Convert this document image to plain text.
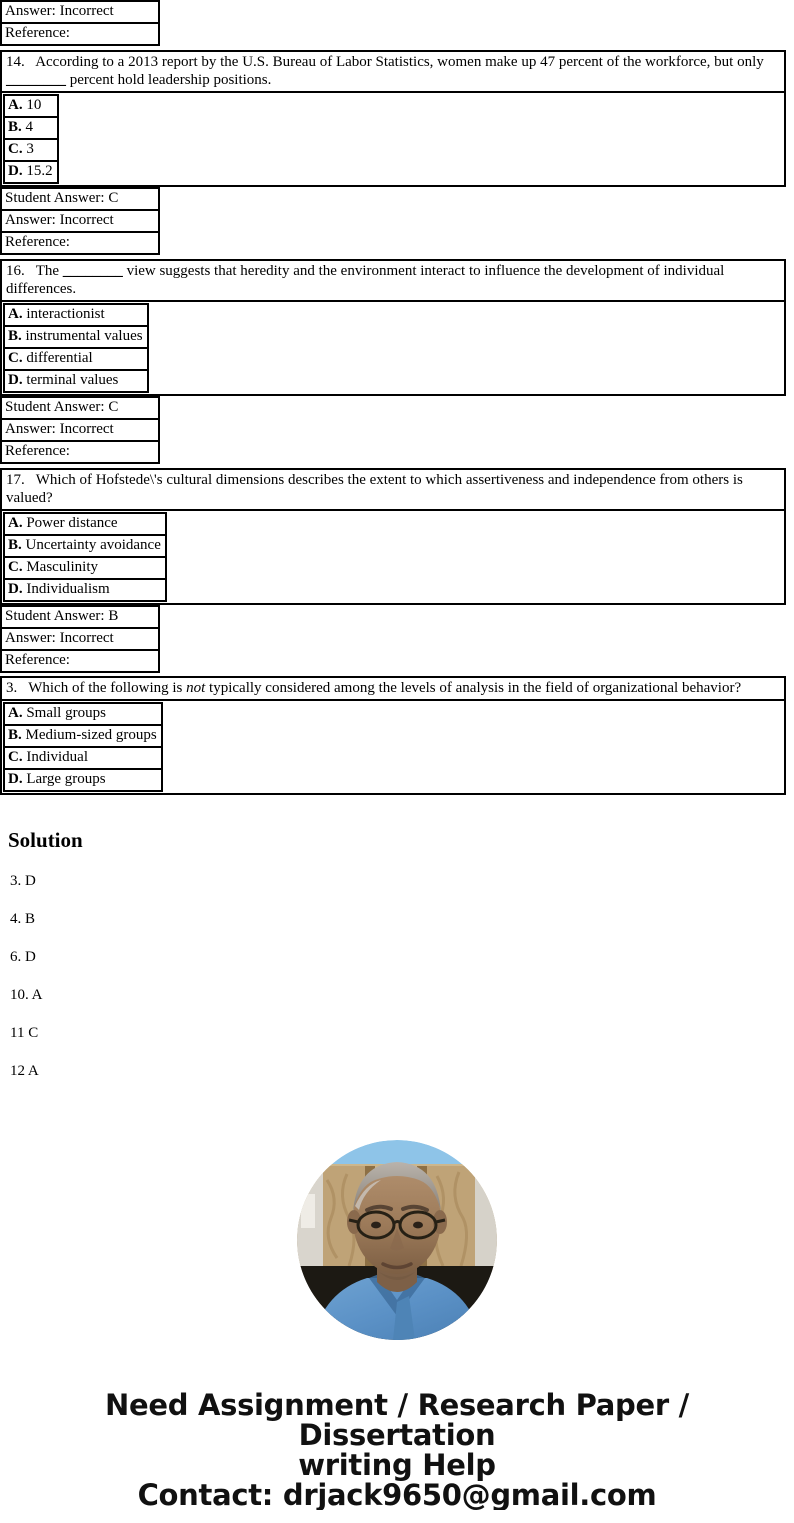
Answer: Incorrect
Reference:
14. According to a 2013 report by the U.S. Bureau of Labor Statistics, women make up 47 percent of the workforce, but only ________ percent hold leadership positions.
A. 10
B. 4
C. 3
D. 15.2
Student Answer: C
Answer: Incorrect
Reference:
16. The ________ view suggests that heredity and the environment interact to influence the development of individual differences.
A. interactionist
B. instrumental values
C. differential
D. terminal values
Student Answer: C
Answer: Incorrect
Reference:
17. Which of Hofstede\'s cultural dimensions describes the extent to which assertiveness and independence from others is valued?
A. Power distance
B. Uncertainty avoidance
C. Masculinity
D. Individualism
Student Answer: B
Answer: Incorrect
Reference:
3. Which of the following is not typically considered among the levels of analysis in the field of organizational behavior?
A. Small groups
B. Medium-sized groups
C. Individual
D. Large groups
Solution
3. D
4. B
6. D
10. A
11 C
12 A
Need Assignment / Research Paper / Dissertation
writing Help
Contact: drjack9650@gmail.com
